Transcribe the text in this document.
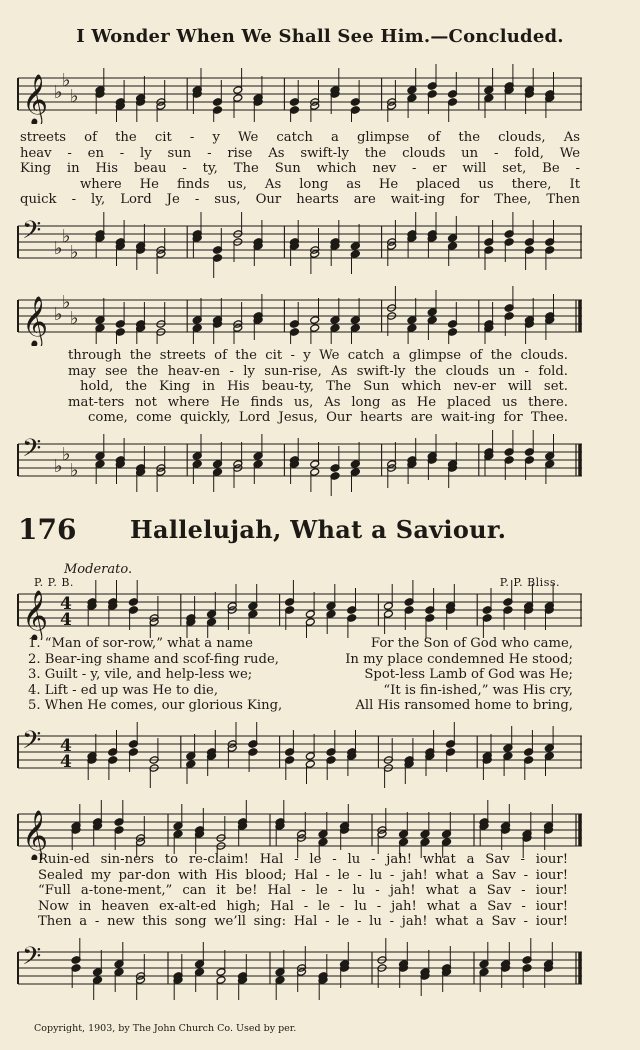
I Wonder When We Shall See Him.—Concluded.
𝄞 ♭
♭
♭
streets of the cit - y We catch a glimpse of the clouds, As
heav - en - ly sun - rise As swift-ly the clouds un - fold, We
King in His beau - ty, The Sun which nev - er will set, Be -
where He finds us, As long as He placed us there, It
quick - ly, Lord Je - sus, Our hearts are wait-ing for Thee, Then
𝄢 ♭
♭
♭
𝄞 ♭
♭
♭
through the streets of the cit - y We catch a glimpse of the clouds.
may see the heav-en - ly sun-rise, As swift-ly the clouds un - fold.
hold, the King in His beau-ty, The Sun which nev-er will set.
mat-ters not where He finds us, As long as He placed us there.
come, come quickly, Lord Jesus, Our hearts are wait-ing for Thee.
𝄢 ♭
♭
♭
176 Hallelujah, What a Saviour.
P. P. B.	P. P. Bliss.
Moderato.
𝄞 4
4
1. “Man of sor-row,” what a name	For the Son of God who came,
2. Bear-ing shame and scof-fing rude,	In my place condemned He stood;
3. Guilt - y, vile, and help-less we;	Spot-less Lamb of God was He;
4. Lift - ed up was He to die,	“It is fin-ished,” was His cry,
5. When He comes, our glorious King,	All His ransomed home to bring,
𝄢 4
4
𝄞
Ruin-ed sin-ners to re-claim! Hal - le - lu - jah! what a Sav - iour!
Sealed my par-don with His blood; Hal - le - lu - jah! what a Sav - iour!
“Full a-tone-ment,” can it be! Hal - le - lu - jah! what a Sav - iour!
Now in heaven ex-alt-ed high; Hal - le - lu - jah! what a Sav - iour!
Then a - new this song we’ll sing: Hal - le - lu - jah! what a Sav - iour!
𝄢
Copyright, 1903, by The John Church Co. Used by per.
